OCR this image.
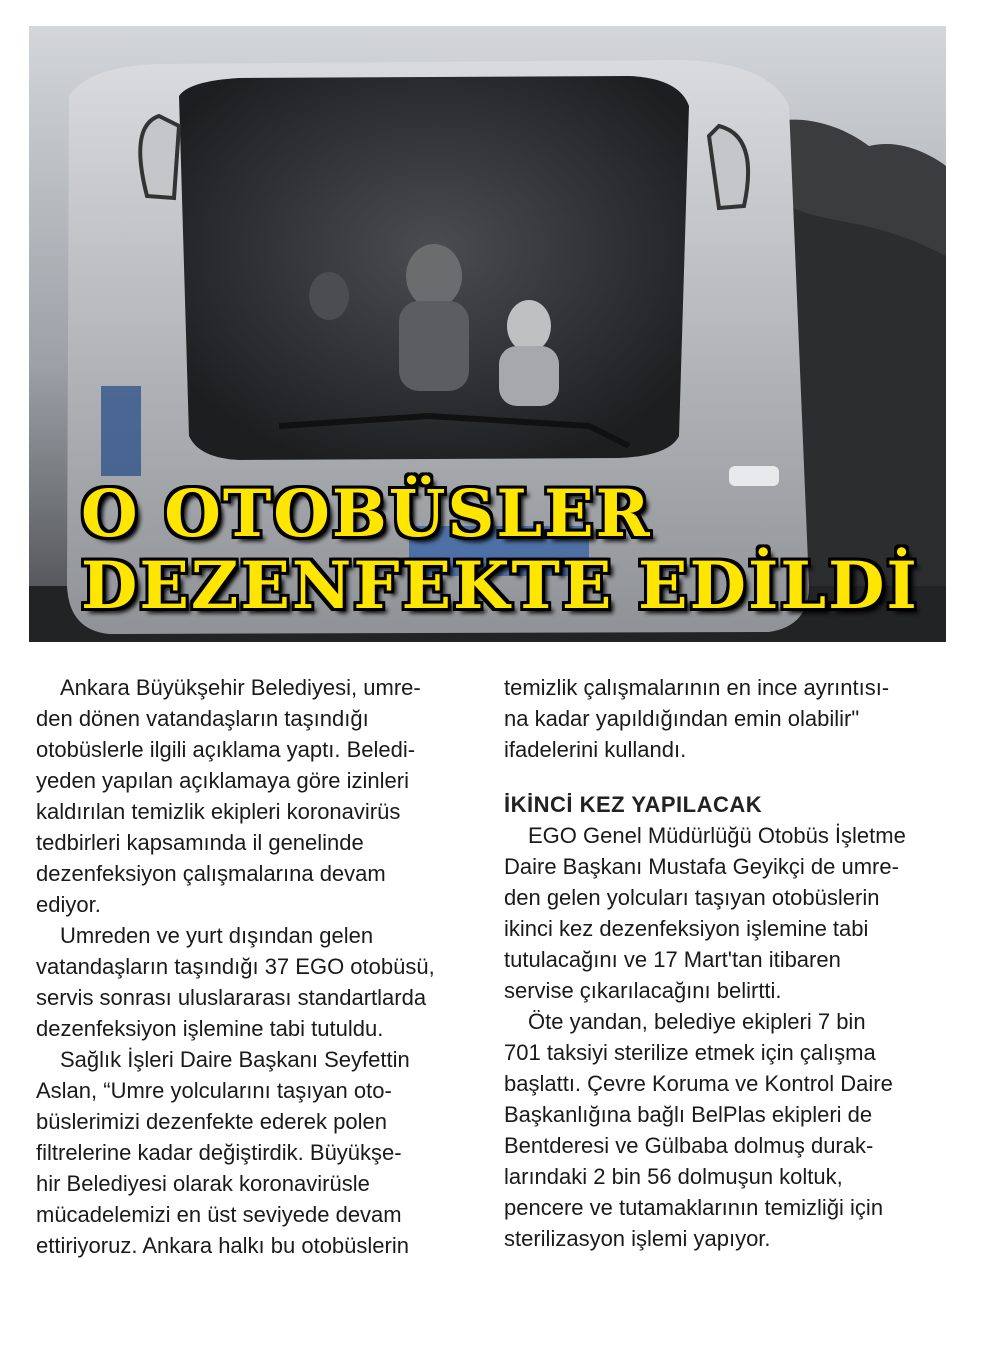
O OTOBÜSLER
DEZENFEKTE EDİLDİ

Ankara Büyükşehir Belediyesi, umre-
den dönen vatandaşların taşındığı
otobüslerle ilgili açıklama yaptı. Beledi-
yeden yapılan açıklamaya göre izinleri
kaldırılan temizlik ekipleri koronavirüs
tedbirleri kapsamında il genelinde
dezenfeksiyon çalışmalarına devam
ediyor.

Umreden ve yurt dışından gelen
vatandaşların taşındığı 37 EGO otobüsü,
servis sonrası uluslararası standartlarda
dezenfeksiyon işlemine tabi tutuldu.

Sağlık İşleri Daire Başkanı Seyfettin
Aslan, “Umre yolcularını taşıyan oto-
büslerimizi dezenfekte ederek polen
filtrelerine kadar değiştirdik. Büyükşe-
hir Belediyesi olarak koronavirüsle
mücadelemizi en üst seviyede devam
ettiriyoruz. Ankara halkı bu otobüslerin

temizlik çalışmalarının en ince ayrıntısı-
na kadar yapıldığından emin olabilir"
ifadelerini kullandı.

İKİNCİ KEZ YAPILACAK

EGO Genel Müdürlüğü Otobüs İşletme
Daire Başkanı Mustafa Geyikçi de umre-
den gelen yolcuları taşıyan otobüslerin
ikinci kez dezenfeksiyon işlemine tabi
tutulacağını ve 17 Mart'tan itibaren
servise çıkarılacağını belirtti.

Öte yandan, belediye ekipleri 7 bin
701 taksiyi sterilize etmek için çalışma
başlattı. Çevre Koruma ve Kontrol Daire
Başkanlığına bağlı BelPlas ekipleri de
Bentderesi ve Gülbaba dolmuş durak-
larındaki 2 bin 56 dolmuşun koltuk,
pencere ve tutamaklarının temizliği için
sterilizasyon işlemi yapıyor.
